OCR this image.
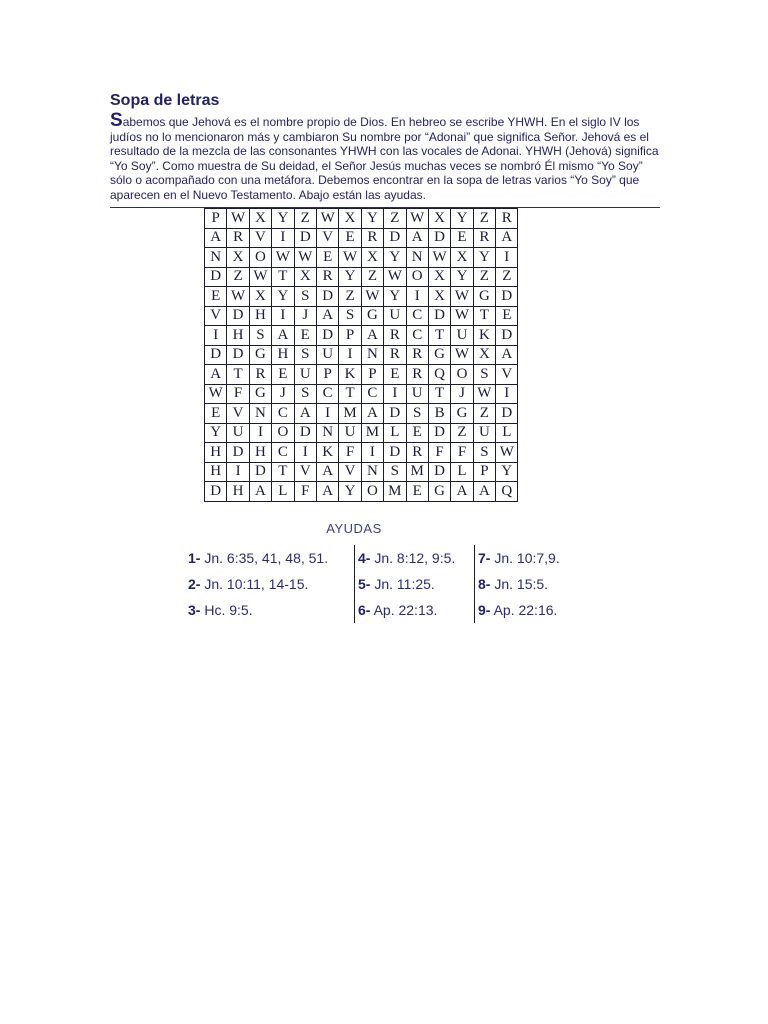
Sopa de letras
Sabemos que Jehová es el nombre propio de Dios. En hebreo se escribe YHWH. En el siglo IV los judíos no lo mencionaron más y cambiaron Su nombre por “Adonai” que significa Señor. Jehová es el resultado de la mezcla de las consonantes YHWH con las vocales de Adonai. YHWH (Jehová) significa “Yo Soy”. Como muestra de Su deidad, el Señor Jesús muchas veces se nombró Él mismo “Yo Soy” sólo o acompañado con una metáfora. Debemos encontrar en la sopa de letras varios “Yo Soy” que aparecen en el Nuevo Testamento. Abajo están las ayudas.
P	W	X	Y	Z	W	X	Y	Z	W	X	Y	Z	R
A	R	V	I	D	V	E	R	D	A	D	E	R	A
N	X	O	W	W	E	W	X	Y	N	W	X	Y	I
D	Z	W	T	X	R	Y	Z	W	O	X	Y	Z	Z
E	W	X	Y	S	D	Z	W	Y	I	X	W	G	D
V	D	H	I	J	A	S	G	U	C	D	W	T	E
I	H	S	A	E	D	P	A	R	C	T	U	K	D
D	D	G	H	S	U	I	N	R	R	G	W	X	A
A	T	R	E	U	P	K	P	E	R	Q	O	S	V
W	F	G	J	S	C	T	C	I	U	T	J	W	I
E	V	N	C	A	I	M	A	D	S	B	G	Z	D
Y	U	I	O	D	N	U	M	L	E	D	Z	U	L
H	D	H	C	I	K	F	I	D	R	F	F	S	W
H	I	D	T	V	A	V	N	S	M	D	L	P	Y
D	H	A	L	F	A	Y	O	M	E	G	A	A	Q
AYUDAS
1- Jn. 6:35, 41, 48, 51.	4- Jn. 8:12, 9:5.	7- Jn. 10:7,9.
2- Jn. 10:11, 14-15.	5- Jn. 11:25.	8- Jn. 15:5.
3- Hc. 9:5.	6- Ap. 22:13.	9- Ap. 22:16.
